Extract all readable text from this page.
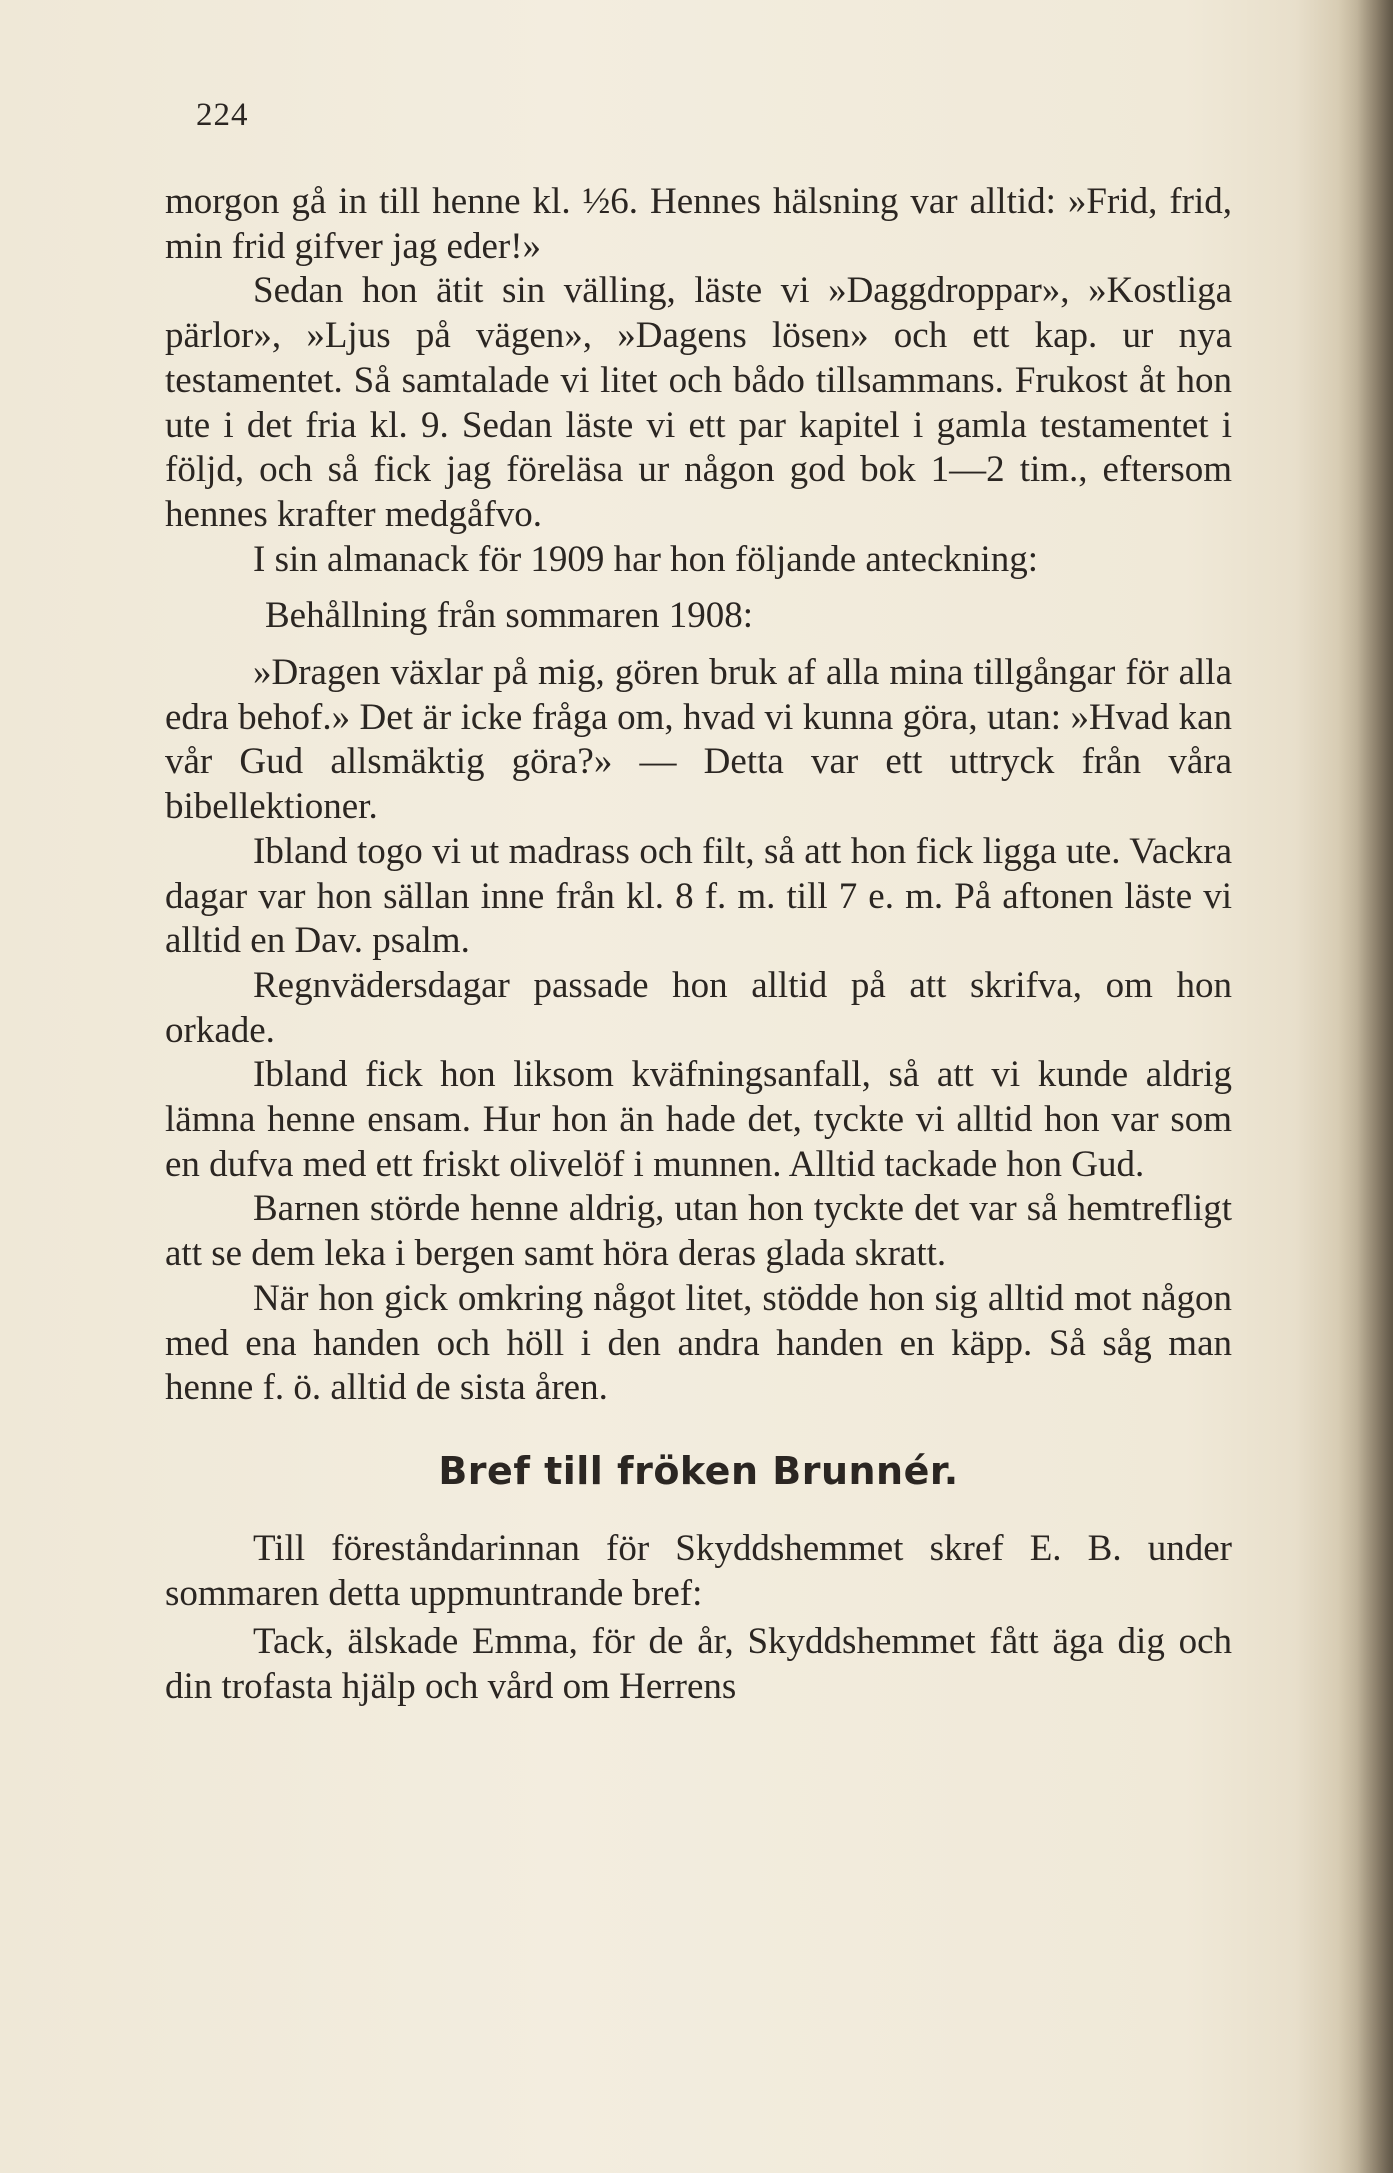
224

morgon gå in till henne kl. ½6. Hennes hälsning var alltid: »Frid, frid, min frid gifver jag eder!»

Sedan hon ätit sin välling, läste vi »Daggdroppar», »Kostliga pärlor», »Ljus på vägen», »Dagens lösen» och ett kap. ur nya testamentet. Så samtalade vi litet och bådo tillsammans. Frukost åt hon ute i det fria kl. 9. Sedan läste vi ett par kapitel i gamla testamentet i följd, och så fick jag föreläsa ur någon god bok 1—2 tim., eftersom hennes krafter medgåfvo.

I sin almanack för 1909 har hon följande anteckning:

Behållning från sommaren 1908:

»Dragen växlar på mig, gören bruk af alla mina tillgångar för alla edra behof.» Det är icke fråga om, hvad vi kunna göra, utan: »Hvad kan vår Gud allsmäktig göra?» — Detta var ett uttryck från våra bibellektioner.

Ibland togo vi ut madrass och filt, så att hon fick ligga ute. Vackra dagar var hon sällan inne från kl. 8 f. m. till 7 e. m. På aftonen läste vi alltid en Dav. psalm.

Regnvädersdagar passade hon alltid på att skrifva, om hon orkade.

Ibland fick hon liksom kväfningsanfall, så att vi kunde aldrig lämna henne ensam. Hur hon än hade det, tyckte vi alltid hon var som en dufva med ett friskt olivelöf i munnen. Alltid tackade hon Gud.

Barnen störde henne aldrig, utan hon tyckte det var så hemtrefligt att se dem leka i bergen samt höra deras glada skratt.

När hon gick omkring något litet, stödde hon sig alltid mot någon med ena handen och höll i den andra handen en käpp. Så såg man henne f. ö. alltid de sista åren.

Bref till fröken Brunnér.

Till föreståndarinnan för Skyddshemmet skref E. B. under sommaren detta uppmuntrande bref:

Tack, älskade Emma, för de år, Skyddshemmet fått äga dig och din trofasta hjälp och vård om Herrens
